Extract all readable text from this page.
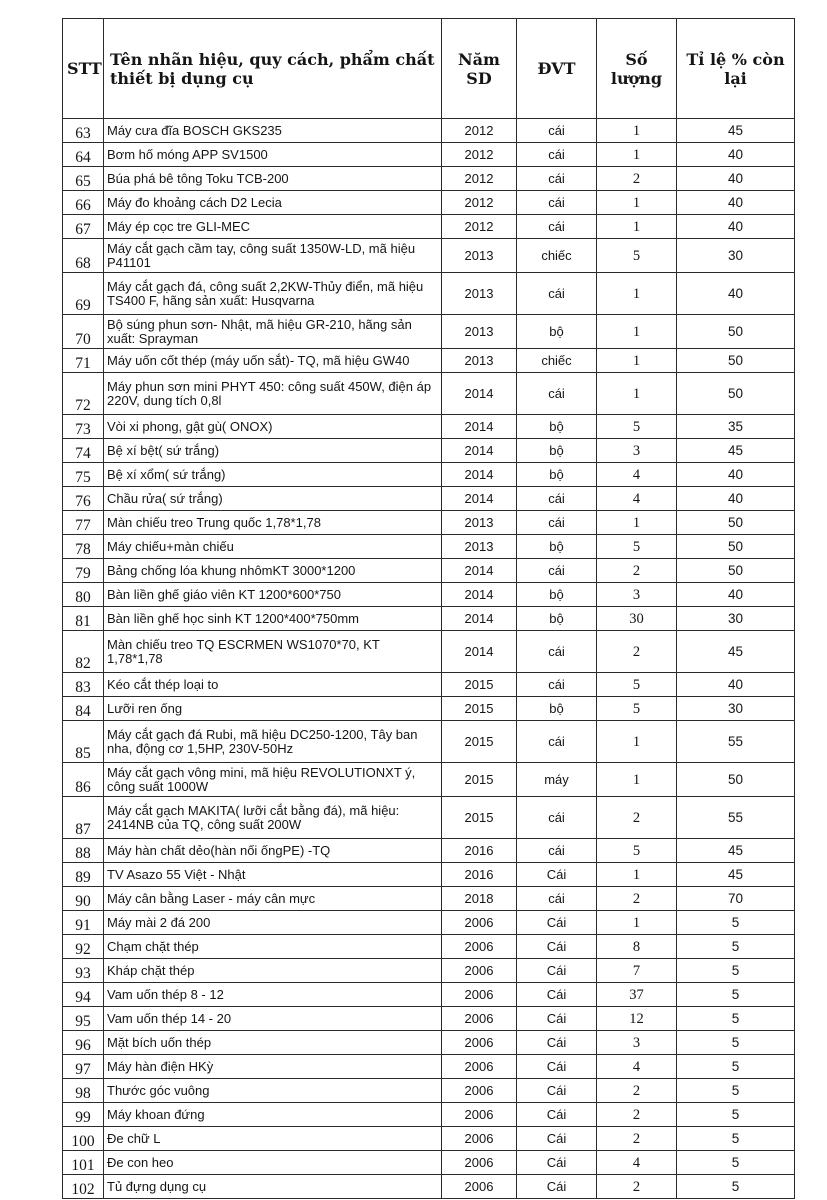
STT	Tên nhãn hiệu, quy cách, phẩm chất thiết bị dụng cụ	Năm SD	ĐVT	Số lượng	Tỉ lệ % còn lại
63	Máy cưa đĩa BOSCH GKS235	2012	cái	1	45
64	Bơm hố móng APP SV1500	2012	cái	1	40
65	Búa phá bê tông Toku TCB-200	2012	cái	2	40
66	Máy đo khoảng cách D2 Lecia	2012	cái	1	40
67	Máy ép cọc tre GLI-MEC	2012	cái	1	40
68	Máy cắt gạch cầm tay, công suất 1350W-LD, mã hiệu P41101	2013	chiếc	5	30
69	Máy cắt gạch đá, công suất 2,2KW-Thủy điển, mã hiệu TS400 F, hãng sản xuất: Husqvarna	2013	cái	1	40
70	Bộ súng phun sơn- Nhật, mã hiệu GR-210, hãng sản xuất: Sprayman	2013	bộ	1	50
71	Máy uốn cốt thép (máy uốn sắt)- TQ, mã hiệu GW40	2013	chiếc	1	50
72	Máy phun sơn mini PHYT 450: công suất 450W, điện áp 220V, dung tích 0,8l	2014	cái	1	50
73	Vòi xi phong, gật gù( ONOX)	2014	bộ	5	35
74	Bệ xí bệt( sứ trắng)	2014	bộ	3	45
75	Bệ xí xổm( sứ trắng)	2014	bộ	4	40
76	Chầu rửa( sứ trắng)	2014	cái	4	40
77	Màn chiếu treo Trung quốc 1,78*1,78	2013	cái	1	50
78	Máy chiếu+màn chiếu	2013	bộ	5	50
79	Bảng chống lóa khung nhômKT 3000*1200	2014	cái	2	50
80	Bàn liền ghế giáo viên KT 1200*600*750	2014	bộ	3	40
81	Bàn liền ghế học sinh KT 1200*400*750mm	2014	bộ	30	30
82	Màn chiếu treo TQ ESCRMEN WS1070*70, KT 1,78*1,78	2014	cái	2	45
83	Kéo cắt thép loại to	2015	cái	5	40
84	Lưỡi ren ống	2015	bộ	5	30
85	Máy cắt gạch đá Rubi, mã hiệu DC250-1200, Tây ban nha, động cơ 1,5HP, 230V-50Hz	2015	cái	1	55
86	Máy cắt gạch vông mini, mã hiệu REVOLUTIONXT ý, công suất 1000W	2015	máy	1	50
87	Máy cắt gạch MAKITA( lưỡi cắt bằng đá), mã hiệu: 2414NB của TQ, công suất 200W	2015	cái	2	55
88	Máy hàn chất dẻo(hàn nối ốngPE) -TQ	2016	cái	5	45
89	TV Asazo 55 Việt - Nhật	2016	Cái	1	45
90	Máy cân bằng Laser - máy cân mực	2018	cái	2	70
91	Máy mài 2 đá 200	2006	Cái	1	5
92	Chạm chặt thép	2006	Cái	8	5
93	Kháp chặt thép	2006	Cái	7	5
94	Vam uốn thép 8 - 12	2006	Cái	37	5
95	Vam uốn thép 14 - 20	2006	Cái	12	5
96	Mặt bích uốn thép	2006	Cái	3	5
97	Máy hàn điện HKỳ	2006	Cái	4	5
98	Thước góc vuông	2006	Cái	2	5
99	Máy khoan đứng	2006	Cái	2	5
100	Đe chữ L	2006	Cái	2	5
101	Đe con heo	2006	Cái	4	5
102	Tủ đựng dụng cụ	2006	Cái	2	5
